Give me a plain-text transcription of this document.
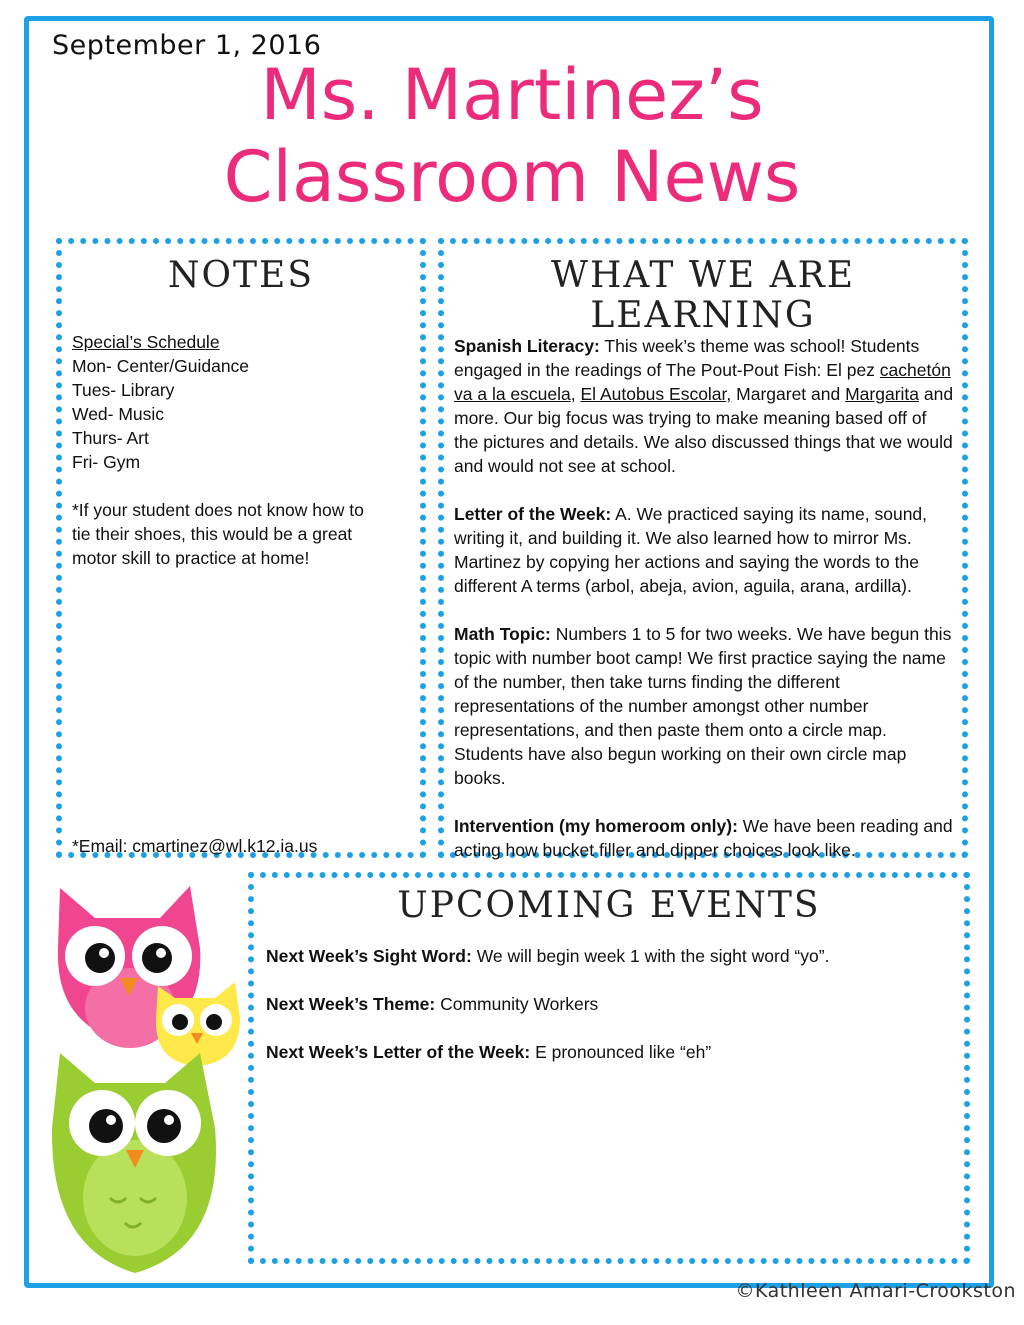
September 1, 2016
Ms. Martinez’s
Classroom News
NOTES

Special’s Schedule

Mon- Center/Guidance

Tues- Library

Wed- Music

Thurs- Art

Fri- Gym

*If your student does not know how to tie their shoes, this would be a great motor skill to practice at home!

*Email: cmartinez@wl.k12.ia.us
WHAT WE ARE
LEARNING

Spanish Literacy: This week’s theme was school! Students engaged in the readings of The Pout-Pout Fish: El pez cachetón va a la escuela, El Autobus Escolar, Margaret and Margarita and more. Our big focus was trying to make meaning based off of the pictures and details. We also discussed things that we would and would not see at school.

Letter of the Week: A. We practiced saying its name, sound, writing it, and building it. We also learned how to mirror Ms. Martinez by copying her actions and saying the words to the different A terms (arbol, abeja, avion, aguila, arana, ardilla).

Math Topic: Numbers 1 to 5 for two weeks. We have begun this topic with number boot camp! We first practice saying the name of the number, then take turns finding the different representations of the number amongst other number representations, and then paste them onto a circle map. Students have also begun working on their own circle map books.

Intervention (my homeroom only): We have been reading and acting how bucket filler and dipper choices look like.

UPCOMING EVENTS

Next Week’s Sight Word: We will begin week 1 with the sight word “yo”.

Next Week’s Theme: Community Workers

Next Week’s Letter of the Week: E pronounced like “eh”

©Kathleen Amari-Crookston
